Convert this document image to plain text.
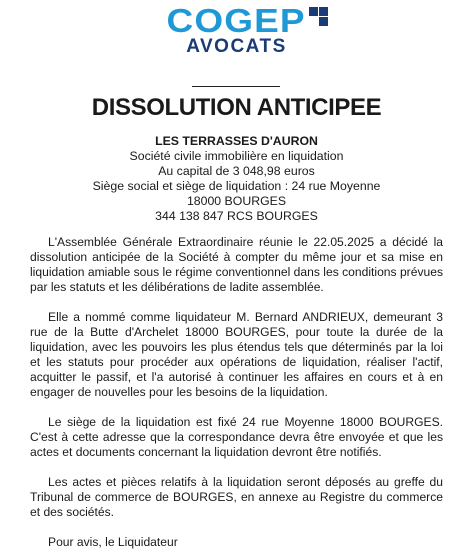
COGEP
AVOCATS
DISSOLUTION ANTICIPEE
LES TERRASSES D'AURON
Société civile immobilière en liquidation
Au capital de 3 048,98 euros
Siège social et siège de liquidation : 24 rue Moyenne
18000 BOURGES
344 138 847 RCS BOURGES

L'Assemblée Générale Extraordinaire réunie le 22.05.2025 a décidé la dissolution anticipée de la Société à compter du même jour et sa mise en liquidation amiable sous le régime conventionnel dans les conditions prévues par les statuts et les délibérations de ladite assemblée.

Elle a nommé comme liquidateur M. Bernard ANDRIEUX, demeurant 3 rue de la Butte d'Archelet 18000 BOURGES, pour toute la durée de la liquidation, avec les pouvoirs les plus étendus tels que déterminés par la loi et les statuts pour procéder aux opérations de liquidation, réaliser l'actif, acquitter le passif, et l'a autorisé à continuer les affaires en cours et à en engager de nouvelles pour les besoins de la liquidation.

Le siège de la liquidation est fixé 24 rue Moyenne 18000 BOURGES. C'est à cette adresse que la correspondance devra être envoyée et que les actes et documents concernant la liquidation devront être notifiés.

Les actes et pièces relatifs à la liquidation seront déposés au greffe du Tribunal de commerce de BOURGES, en annexe au Registre du commerce et des sociétés.

Pour avis, le Liquidateur
